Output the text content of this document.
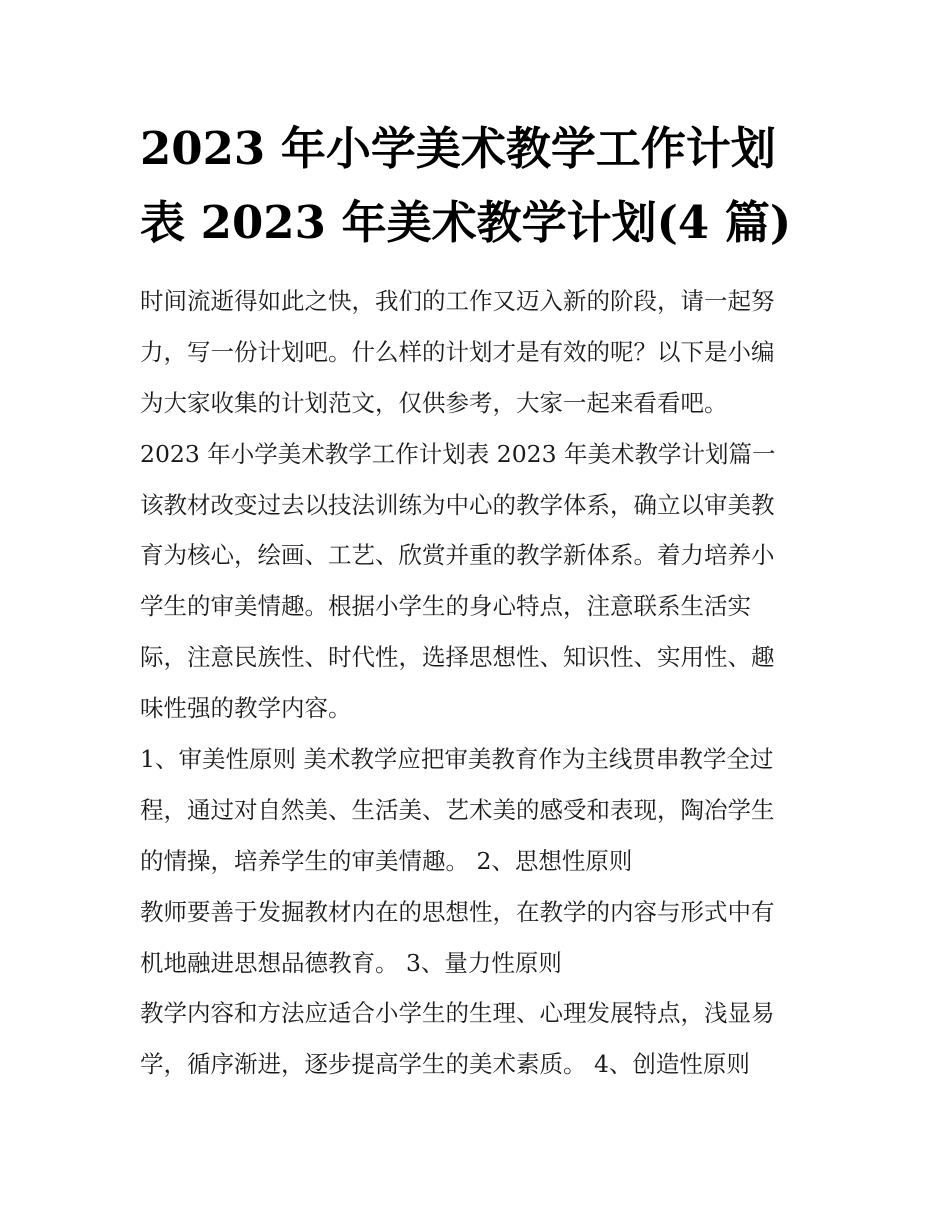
2023 年小学美术教学工作计划
表 2023 年美术教学计划(4 篇)
时间流逝得如此之快，我们的工作又迈入新的阶段，请一起努
力，写一份计划吧。什么样的计划才是有效的呢？以下是小编
为大家收集的计划范文，仅供参考，大家一起来看看吧。
2023 年小学美术教学工作计划表 2023 年美术教学计划篇一
该教材改变过去以技法训练为中心的教学体系，确立以审美教
育为核心，绘画、工艺、欣赏并重的教学新体系。着力培养小
学生的审美情趣。根据小学生的身心特点，注意联系生活实
际，注意民族性、时代性，选择思想性、知识性、实用性、趣
味性强的教学内容。
1、审美性原则 美术教学应把审美教育作为主线贯串教学全过
程，通过对自然美、生活美、艺术美的感受和表现，陶冶学生
的情操，培养学生的审美情趣。 2、思想性原则
教师要善于发掘教材内在的思想性，在教学的内容与形式中有
机地融进思想品德教育。 3、量力性原则
教学内容和方法应适合小学生的生理、心理发展特点，浅显易
学，循序渐进，逐步提高学生的美术素质。 4、创造性原则
